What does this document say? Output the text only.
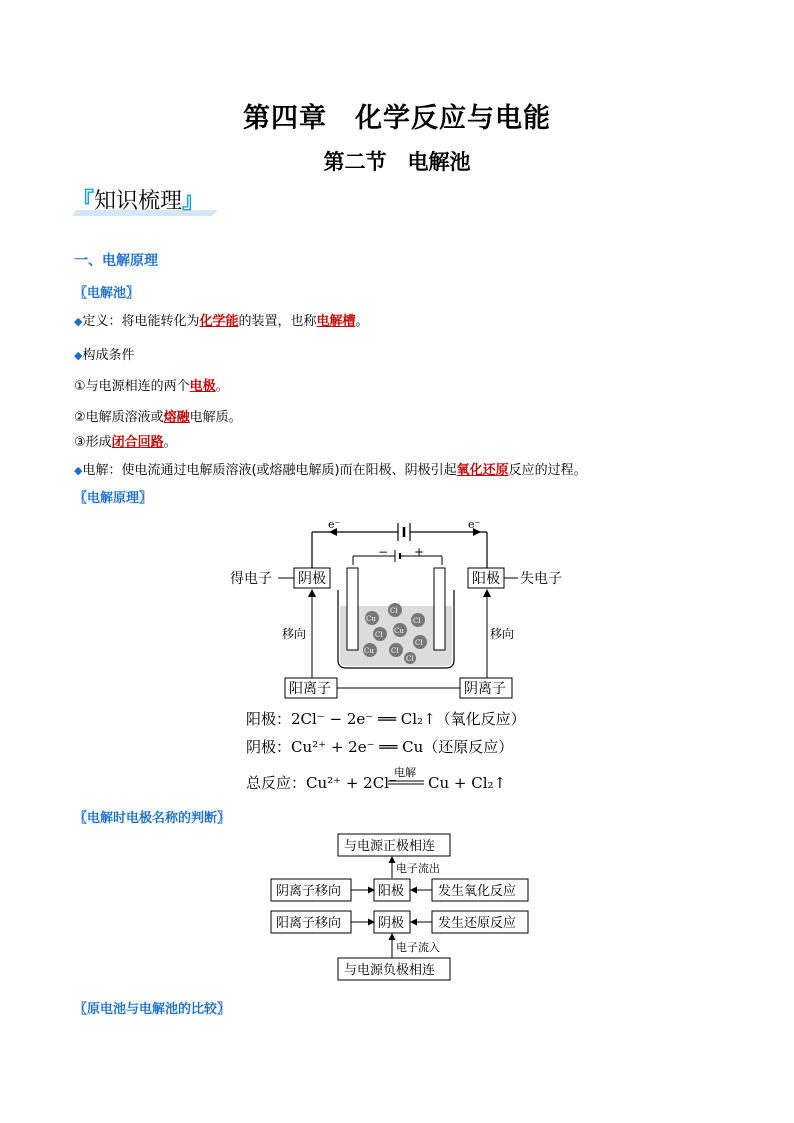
第四章　化学反应与电能
第二节　电解池
『知识梳理』
一、电解原理
〖电解池〗
◆定义：将电能转化为化学能的装置，也称电解槽。
◆构成条件
①与电源相连的两个电极。
②电解质溶液或熔融电解质。
③形成闭合回路。
◆电解：使电流通过电解质溶液(或熔融电解质)而在阳极、阴极引起氧化还原反应的过程。
〖电解原理〗
e⁻	e⁻
− +
阴极	阳极
得电子	失电子
Cu
Cl
Cl Cu
Cl
Cu Cl
Cl
Cl
移向	移向
阳离子	阴离子
阳极：2Cl⁻ − 2e⁻ ══ Cl₂↑（氧化反应）
阴极：Cu²⁺ + 2e⁻ ══ Cu（还原反应）
总反应：Cu²⁺ + 2Cl⁻
电解
Cu + Cl₂↑
〖电解时电极名称的判断〗
与电源正极相连
电子流出
阴离子移向	阳极	发生氧化反应
阳离子移向	阴极	发生还原反应
电子流入
与电源负极相连
〖原电池与电解池的比较〗
